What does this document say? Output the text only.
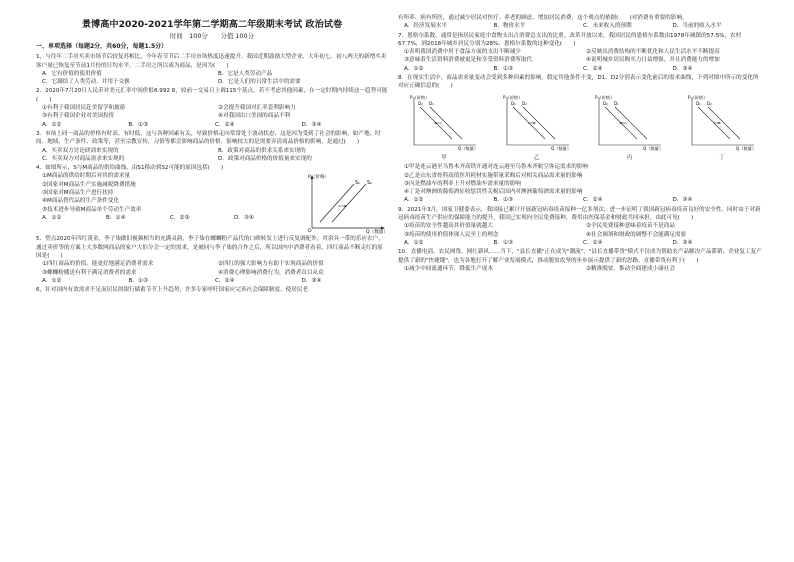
景博高中2020-2021学年第二学期高二年级期末考试 政治试卷
时间　100分　　分值 100分
一、单项选择（每题2分，共60分，每题1.5分）

1，与往年二手房买卖市场节后较复苏相比，今年春节节后二手房市场热度迅速提升。我国近期鼓励大型企业、大年初七、初八两天的新增买卖客户量已恢复至节前1月份的日均水平，二手房之所以成为商品，是因为(　　)

A．它有价值的使用价值	B．它是人类劳动产品
C．它凝结了人类劳动，并用于交换	D．它是人们的日常生活中的需要

2．2020年7月20日人民币对美元汇率中间价报6.992 8，较前一交易日上调115个基点。若不考虑其他因素，在一定时期内持续这一趋势可能(　　)

①有利于我国居民赴美留学和旅游	②会提升我国对汇率套利影响力
③有利于我国企业对美国投资	④对我国出口美国的商品不利
A．①②	B．①③	C．②④	D．③④

3．市场上同一商品的价格有时高、有时低，这与各种因素有关，导致价格走向常常处于波动状态，这是因为受到了社会的影响，如产地、时间、地域、生产条件、政策等，甚至宗教宣传，习俗等都会影响商品的价格，影响较大的是需要弄清商品价格的影响，是通过(　　)

A．买卖双方讨论磋商来实现的	B．政策对商品的供求关系来实现的
C．买卖双方对商品需求来实现的	D．政策对商品价格的价值量来实现的

4．如图所示，S与M商品的供给曲线，由S1移动到S2可能的原因包括(　　)

①M商品的供给时期后对其的需求量
②国家对M商品生产实施减税降费措施
③国家对M商品生产进行扶持
④M商品替代品的生产条件变化
⑤技术进步导致M商品单个劳动生产效率
A．①②	B．①④	C．②③	D．③④
P（价格）
Q（数量）
O
S₁ S₂

5．塑点2020年四红黄金，李子柒做旧视频相当的充满灵韵，李子柒在螺蛳粉产品代的口碑转发上进行反复调配外，其余具一带的乐应农户，通过卖价等的方案上大多数网商品的家户大伯分会一定的需求，是被同与李子柒的合作之后，所以国内中消费者看着，四红商品不断走红的原因是(　　)

①四红商品的价值，能更好地满足消费者需求	②四红的强大影响力有助于实现商品的价值
③螺蛳粉播送有利于满足消费者的需求	④消费心理影响消费行为，消费者首目从众
A．①②	B．①③	C．②④	D．③④

6，针对国内有效需求不足而居民的银行储蓄节节上升趋势，许多专家呼吁国家应完善社会保障制度，使居民老

有所养、病有所医，通过减少居民对医疗、养老的顾虑，增加居民消费，这个观点的依据(　　)对消费有重要的影响。

A．经济发展水平	B．物价水平	C．未来收入的预期	D．当前的收入水平

7．恩格尔系数，通常是指居民家庭中食物支出占消费总支出的比重。改革开放以来，我国居民的恩格尔系数由1978年城镇的57.5%，农村67.7%，到2018年城乡居民分别为28%，恩格尔系数的这种变化(　　)

①表明我国消费中用于食品方面的支出不断减少	②反映出消费结构的不断优化和人民生活水平不断提高
③意味着生活资料消费被更是和享受资料消费所取代	④说明城乡居民购买力日益增强，并且消费能力的增加
A．①②	B．①③	C．②④	D．③④

8．在现实生活中，商品需求量变动会受到多种因素的影响。假定其他条件不变，D1、D2分别表示变化前后的需求曲线，下列对图中所示的变化所对应正确信息的(　　)

P（价格）
Q（数量）
D₂ D₁
甲
P（价格）
Q（数量）
D₁ D₂
乙
P（价格）
Q（数量）
D₂ D₁
丙
P（价格）
Q（数量）
D₁ D₂
丁
①甲是连云港至乌鲁木齐高铁开通对连云港至乌鲁木齐航空客运需求的影响
②乙是山东省骨科高值医用耗材实施带量采购后对相关商品需求量的影响
③丙是燃油车的利率上升对燃油车需求量的影响
④丁是对澳洲的葡萄酒征收惩罚性关税后国内对澳洲葡萄酒需求量的影响
A．①②	B．①③	C．②④	D．③④

9．2021年3月，国家卫健委表示，我国接已累计开展新冠病毒疫苗接种一亿多剂次，进一步证明了我国新冠病毒疫苗良好的安全性。同时由于对新冠病毒疫苗生产供应的保障能力的提升，我国已实现向全民免费接种，费用由医保基金和财政共同承担。由此可见(　　)

①疫苗的安全性越高其价值量就越大	②全民免费接种意味着疫苗不是商品
③疫苗的使用价值体现人民至上的理念	④社会调剂和财政的调整不会能满足需要
A．①②	B．①③	C．②④	D．③④

10．直播电商、农民网货、网红新风……当下，"县长直播"正在成为"潮流"，"县长直播带货"模式不仅成为帮助农产品解决产品滞销、企业复工复产提供了新的"快捷键"，也为各地打开了解产业发展模式，推动脱贫攻坚的步步展示提供了新的思路。直播带货有利于(　　)

①减少中间流通环节，降低生产成本	②精准脱贫，推动全面建成小康社会
